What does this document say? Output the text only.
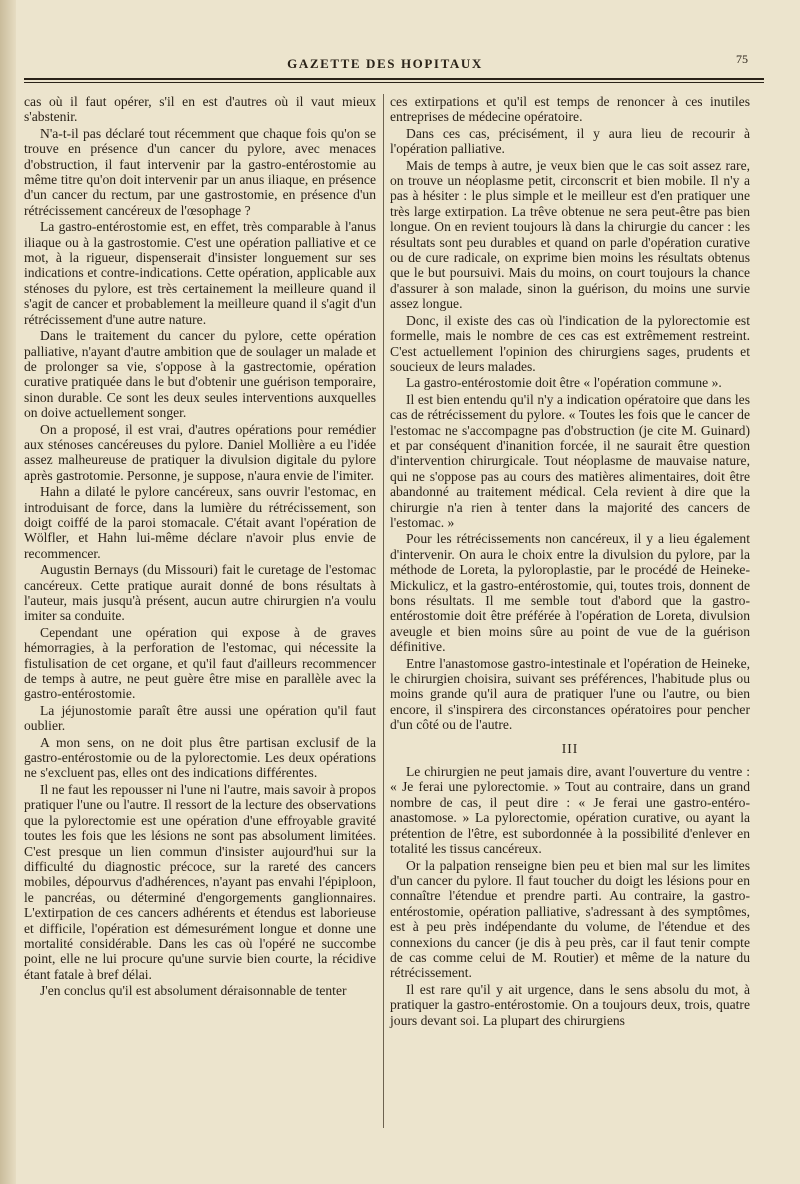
GAZETTE DES HOPITAUX	75

cas où il faut opérer, s'il en est d'autres où il vaut mieux s'abstenir.

N'a-t-il pas déclaré tout récemment que chaque fois qu'on se trouve en présence d'un cancer du pylore, avec menaces d'obstruction, il faut intervenir par la gastro-entérostomie au même titre qu'on doit intervenir par un anus iliaque, en présence d'un cancer du rectum, par une gastrostomie, en présence d'un rétrécissement cancéreux de l'œsophage ?

La gastro-entérostomie est, en effet, très comparable à l'anus iliaque ou à la gastrostomie. C'est une opération palliative et ce mot, à la rigueur, dispenserait d'insister longuement sur ses indications et contre-indications. Cette opération, applicable aux sténoses du pylore, est très certainement la meilleure quand il s'agit de cancer et probablement la meilleure quand il s'agit d'un rétrécissement d'une autre nature.

Dans le traitement du cancer du pylore, cette opération palliative, n'ayant d'autre ambition que de soulager un malade et de prolonger sa vie, s'oppose à la gastrectomie, opération curative pratiquée dans le but d'obtenir une guérison temporaire, sinon durable. Ce sont les deux seules interventions auxquelles on doive actuellement songer.

On a proposé, il est vrai, d'autres opérations pour remédier aux sténoses cancéreuses du pylore. Daniel Mollière a eu l'idée assez malheureuse de pratiquer la divulsion digitale du pylore après gastrotomie. Personne, je suppose, n'aura envie de l'imiter.

Hahn a dilaté le pylore cancéreux, sans ouvrir l'estomac, en introduisant de force, dans la lumière du rétrécissement, son doigt coiffé de la paroi stomacale. C'était avant l'opération de Wölfler, et Hahn lui-même déclare n'avoir plus envie de recommencer.

Augustin Bernays (du Missouri) fait le curetage de l'estomac cancéreux. Cette pratique aurait donné de bons résultats à l'auteur, mais jusqu'à présent, aucun autre chirurgien n'a voulu imiter sa conduite.

Cependant une opération qui expose à de graves hémorragies, à la perforation de l'estomac, qui nécessite la fistulisation de cet organe, et qu'il faut d'ailleurs recommencer de temps à autre, ne peut guère être mise en parallèle avec la gastro-entérostomie.

La jéjunostomie paraît être aussi une opération qu'il faut oublier.

A mon sens, on ne doit plus être partisan exclusif de la gastro-entérostomie ou de la pylorectomie. Les deux opérations ne s'excluent pas, elles ont des indications différentes.

Il ne faut les repousser ni l'une ni l'autre, mais savoir à propos pratiquer l'une ou l'autre. Il ressort de la lecture des observations que la pylorectomie est une opération d'une effroyable gravité toutes les fois que les lésions ne sont pas absolument limitées. C'est presque un lien commun d'insister aujourd'hui sur la difficulté du diagnostic précoce, sur la rareté des cancers mobiles, dépourvus d'adhérences, n'ayant pas envahi l'épiploon, le pancréas, ou déterminé d'engorgements ganglionnaires. L'extirpation de ces cancers adhérents et étendus est laborieuse et difficile, l'opération est démesurément longue et donne une mortalité considérable. Dans les cas où l'opéré ne succombe point, elle ne lui procure qu'une survie bien courte, la récidive étant fatale à bref délai.

J'en conclus qu'il est absolument déraisonnable de tenter

ces extirpations et qu'il est temps de renoncer à ces inutiles entreprises de médecine opératoire.

Dans ces cas, précisément, il y aura lieu de recourir à l'opération palliative.

Mais de temps à autre, je veux bien que le cas soit assez rare, on trouve un néoplasme petit, circonscrit et bien mobile. Il n'y a pas à hésiter : le plus simple et le meilleur est d'en pratiquer une très large extirpation. La trêve obtenue ne sera peut-être pas bien longue. On en revient toujours là dans la chirurgie du cancer : les résultats sont peu durables et quand on parle d'opération curative ou de cure radicale, on exprime bien moins les résultats obtenus que le but poursuivi. Mais du moins, on court toujours la chance d'assurer à son malade, sinon la guérison, du moins une survie assez longue.

Donc, il existe des cas où l'indication de la pylorectomie est formelle, mais le nombre de ces cas est extrêmement restreint. C'est actuellement l'opinion des chirurgiens sages, prudents et soucieux de leurs malades.

La gastro-entérostomie doit être « l'opération commune ».

Il est bien entendu qu'il n'y a indication opératoire que dans les cas de rétrécissement du pylore. « Toutes les fois que le cancer de l'estomac ne s'accompagne pas d'obstruction (je cite M. Guinard) et par conséquent d'inanition forcée, il ne saurait être question d'intervention chirurgicale. Tout néoplasme de mauvaise nature, qui ne s'oppose pas au cours des matières alimentaires, doit être abandonné au traitement médical. Cela revient à dire que la chirurgie n'a rien à tenter dans la majorité des cancers de l'estomac. »

Pour les rétrécissements non cancéreux, il y a lieu également d'intervenir. On aura le choix entre la divulsion du pylore, par la méthode de Loreta, la pyloroplastie, par le procédé de Heineke-Mickulicz, et la gastro-entérostomie, qui, toutes trois, donnent de bons résultats. Il me semble tout d'abord que la gastro-entérostomie doit être préférée à l'opération de Loreta, divulsion aveugle et bien moins sûre au point de vue de la guérison définitive.

Entre l'anastomose gastro-intestinale et l'opération de Heineke, le chirurgien choisira, suivant ses préférences, l'habitude plus ou moins grande qu'il aura de pratiquer l'une ou l'autre, ou bien encore, il s'inspirera des circonstances opératoires pour pencher d'un côté ou de l'autre.

III

Le chirurgien ne peut jamais dire, avant l'ouverture du ventre : « Je ferai une pylorectomie. » Tout au contraire, dans un grand nombre de cas, il peut dire : « Je ferai une gastro-entéro-anastomose. » La pylorectomie, opération curative, ou ayant la prétention de l'être, est subordonnée à la possibilité d'enlever en totalité les tissus cancéreux.

Or la palpation renseigne bien peu et bien mal sur les limites d'un cancer du pylore. Il faut toucher du doigt les lésions pour en connaître l'étendue et prendre parti. Au contraire, la gastro-entérostomie, opération palliative, s'adressant à des symptômes, est à peu près indépendante du volume, de l'étendue et des connexions du cancer (je dis à peu près, car il faut tenir compte de cas comme celui de M. Routier) et même de la nature du rétrécissement.

Il est rare qu'il y ait urgence, dans le sens absolu du mot, à pratiquer la gastro-entérostomie. On a toujours deux, trois, quatre jours devant soi. La plupart des chirurgiens
